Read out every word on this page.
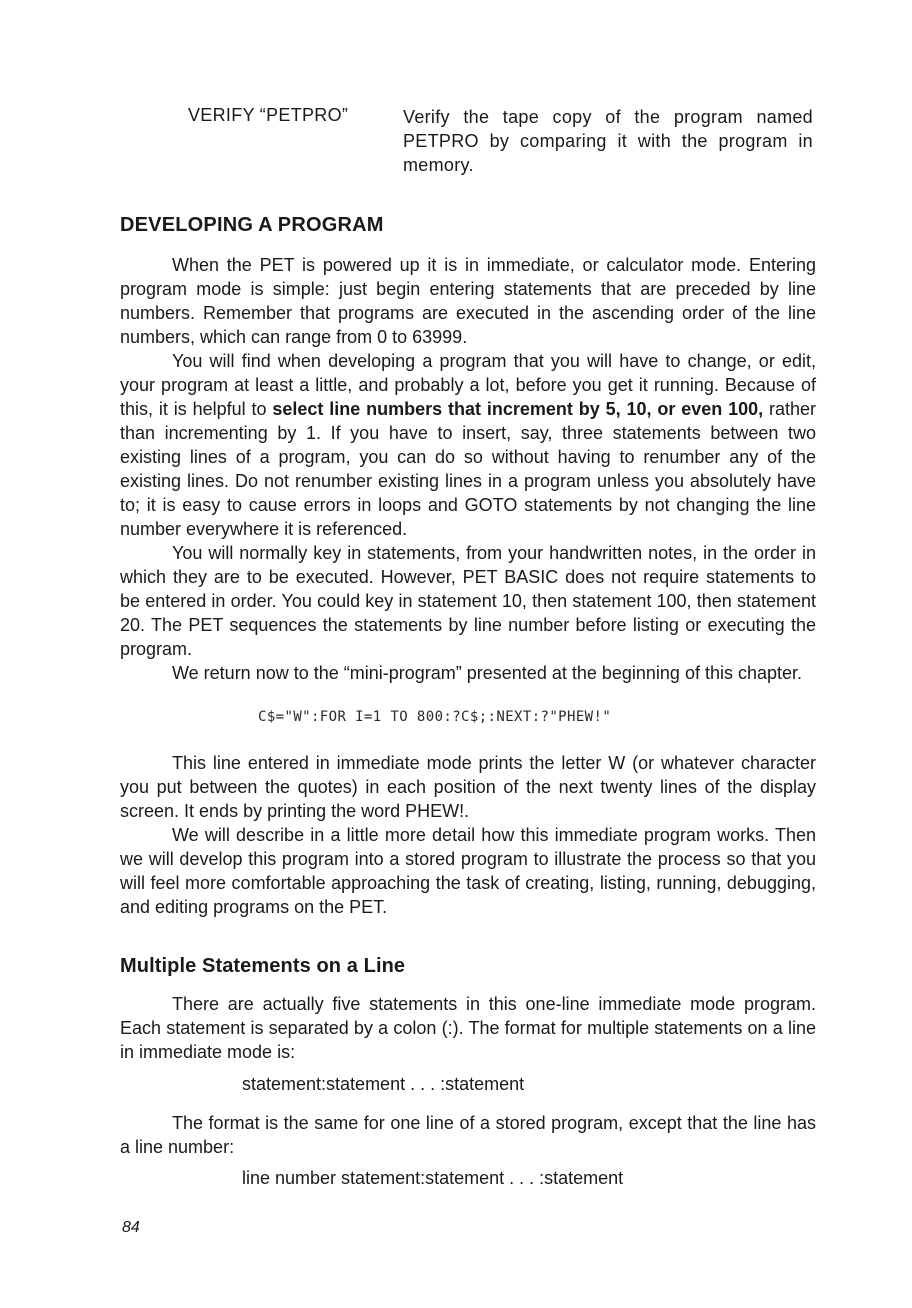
VERIFY “PETPRO”	Verify the tape copy of the program named PETPRO by comparing it with the program in memory.
DEVELOPING A PROGRAM

When the PET is powered up it is in immediate, or calculator mode. Entering program mode is simple: just begin entering statements that are preceded by line numbers. Remember that programs are executed in the ascending order of the line numbers, which can range from 0 to 63999.

You will find when developing a program that you will have to change, or edit, your program at least a little, and probably a lot, before you get it running. Because of this, it is helpful to select line numbers that increment by 5, 10, or even 100, rather than incrementing by 1. If you have to insert, say, three statements between two existing lines of a program, you can do so without having to renumber any of the existing lines. Do not renumber existing lines in a program unless you absolutely have to; it is easy to cause errors in loops and GOTO statements by not changing the line number everywhere it is referenced.

You will normally key in statements, from your handwritten notes, in the order in which they are to be executed. However, PET BASIC does not require statements to be entered in order. You could key in statement 10, then statement 100, then statement 20. The PET sequences the statements by line number before listing or executing the program.

We return now to the “mini-program” presented at the beginning of this chapter.

C$="W":FOR I=1 TO 800:?C$;:NEXT:?"PHEW!"

This line entered in immediate mode prints the letter W (or whatever character you put between the quotes) in each position of the next twenty lines of the display screen. It ends by printing the word PHEW!.

We will describe in a little more detail how this immediate program works. Then we will develop this program into a stored program to illustrate the process so that you will feel more comfortable approaching the task of creating, listing, running, debugging, and editing programs on the PET.

Multiple Statements on a Line

There are actually five statements in this one-line immediate mode program. Each statement is separated by a colon (:). The format for multiple statements on a line in immediate mode is:

statement:statement . . . :statement

The format is the same for one line of a stored program, except that the line has a line number:

line number statement:statement . . . :statement
84
